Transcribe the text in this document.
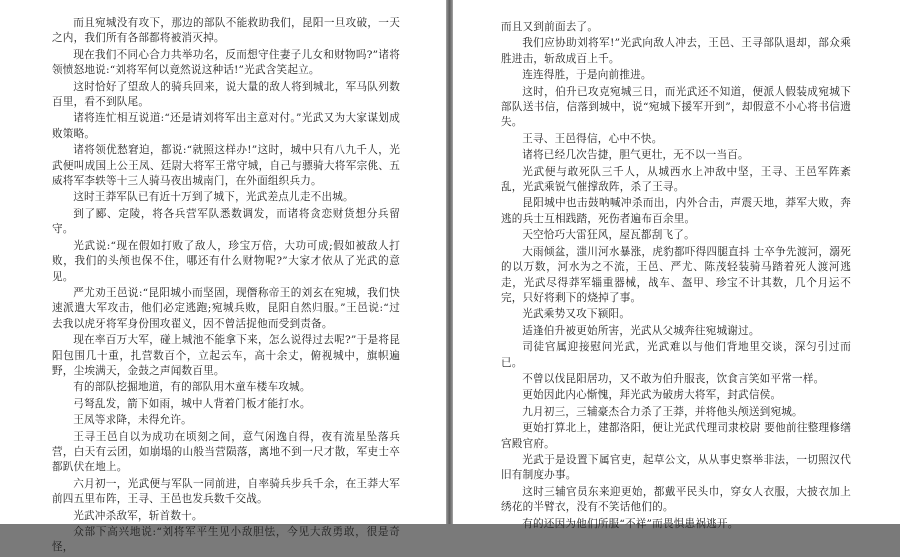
而且宛城没有攻下，那边的部队不能救助我们，昆阳一旦攻破，一天之内，我们所有各部都将被消灭掉。

现在我们不同心合力共举功名，反而想守住妻子儿女和财物吗?”诸将领愤怒地说:“刘将军何以竟然说这种话!”光武含笑起立。

这时恰好了望敌人的骑兵回来，说大量的敌人将到城北，军马队列数百里，看不到队尾。

诸将连忙相互说道:“还是请刘将军出主意对付。”光武又为大家谋划成败策略。

诸将领优愁窘迫，都说:“就照这样办!”这时，城中只有八九千人，光武便叫成国上公王凤、廷尉大将军王常守城，自己与骠骑大将军宗佻、五威将军李轶等十三人骑马夜出城南门，在外面组织兵力。

这时王莽军队已有近十万到了城下，光武差点儿走不出城。

到了郾、定陵，将各兵营军队悉数调发，而诸将贪恋财货想分兵留守。

光武说:“现在假如打败了敌人，珍宝万倍，大功可成;假如被敌人打败，我们的头颅也保不住，哪还有什么财物呢?”大家才依从了光武的意见。

严尤劝王邑说:“昆阳城小而坚固，现僭称帝王的刘玄在宛城，我们快速派遣大军攻击，他们必定逃跑;宛城兵败，昆阳自然归服。”王邑说:“过去我以虎牙将军身份围攻翟义，因不曾活捉他而受到责备。

现在率百万大军，碰上城池不能拿下来，怎么说得过去呢?”于是将昆阳包围几十重，扎营数百个，立起云车，高十余丈，俯视城中，旗帜遍野，尘埃满天，金鼓之声闻数百里。

有的部队挖掘地道，有的部队用木童车楼车攻城。

弓弩乱发，箭下如雨，城中人背着门板才能打水。

王凤等求降，未得允许。

王寻王邑自以为成功在顷刻之间，意气闲逸自得，夜有流星坠落兵营，白天有云团，如崩塌的山般当营陨落，离地不到一尺才散，军吏士卒都趴伏在地上。

六月初一，光武便与军队一同前进，自率骑兵步兵千余，在王莽大军前四五里布阵，王寻、王邑也发兵数千交战。

光武冲杀敌军，斩首数十。

众部下高兴地说:“刘将军平生见小敌胆怯，今见大敌勇敢，很是奇怪，

而且又到前面去了。

我们应协助刘将军!”光武向敌人冲去，王邑、王寻部队退却，部众乘胜进击，斩敌成百上千。

连连得胜，于是向前推进。

这时，伯升已攻克宛城三日，而光武还不知道，便派人假装成宛城下部队送书信，信落到城中，说“宛城下援军开到”，却假意不小心将书信遗失。

王寻、王邑得信，心中不快。

诸将已经几次告捷，胆气更壮，无不以一当百。

光武便与敢死队三千人，从城西水上冲敌中坚，王寻、王邑军阵紊乱，光武乘锐气催撑敌阵，杀了王寻。

昆阳城中也击鼓呐喊冲杀而出，内外合击，声震天地，莽军大败，奔逃的兵士互相践踏，死伤者遍布百余里。

天空恰巧大雷狂风，屋瓦都刮飞了。

大雨倾盆，滍川河水暴涨，虎豹都吓得四腿直抖 士卒争先渡河，溺死的以万数，河水为之不流，王邑、严尤、陈茂轻装骑马踏着死人渡河逃走，光武尽得莽军辎重器械，战车、盔甲、珍宝不计其数，几个月运不完，只好将剩下的烧掉了事。

光武乘势又攻下颍阳。

适逢伯升被更始所害，光武从父城奔往宛城谢过。

司徒官属迎接慰问光武，光武难以与他们背地里交谈，深匀引过而已。

不曾以伐昆阳居功，又不敢为伯升服丧，饮食言笑如平常一样。

更始因此内心惭愧，拜光武为破虏大将军，封武信侯。

九月初三，三辅豪杰合力杀了王莽，并将他头颅送到宛城。

更始打算北上，建都洛阳，便让光武代理司隶校尉 要他前往整理修缮宫殿官府。

光武于是设置下属官吏，起草公文，从从事史察举非法，一切照汉代旧有制度办事。

这时三辅官员东来迎更始，都戴平民头巾，穿女人衣服，大披衣加上绣花的半臂衣，没有不笑话他们的。

有的还因为他们所服“不祥”而畏惧患祸逃开。
